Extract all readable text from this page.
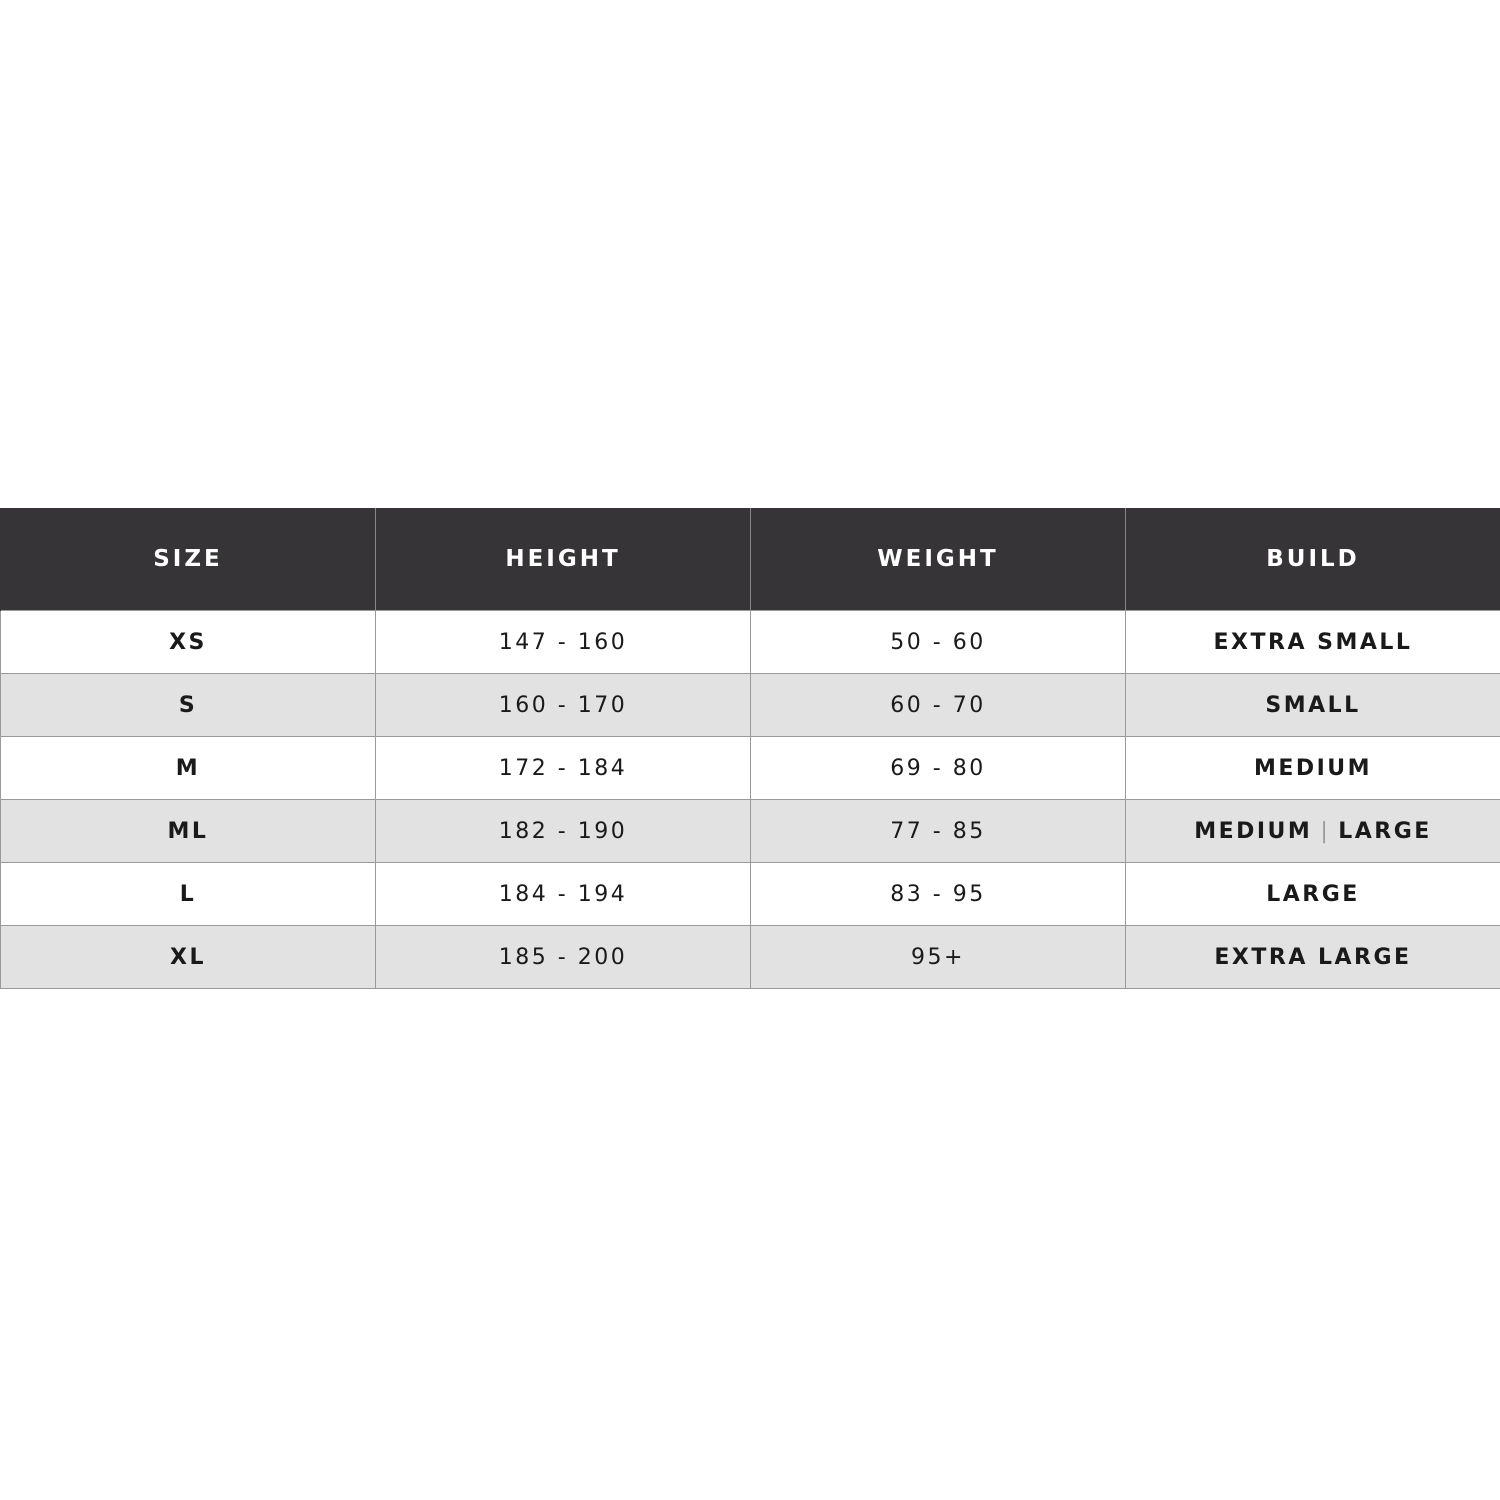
SIZE	HEIGHT	WEIGHT	BUILD
XS	147 - 160	50 - 60	EXTRA SMALL
S	160 - 170	60 - 70	SMALL
M	172 - 184	69 - 80	MEDIUM
ML	182 - 190	77 - 85	MEDIUM | LARGE
L	184 - 194	83 - 95	LARGE
XL	185 - 200	95+	EXTRA LARGE
